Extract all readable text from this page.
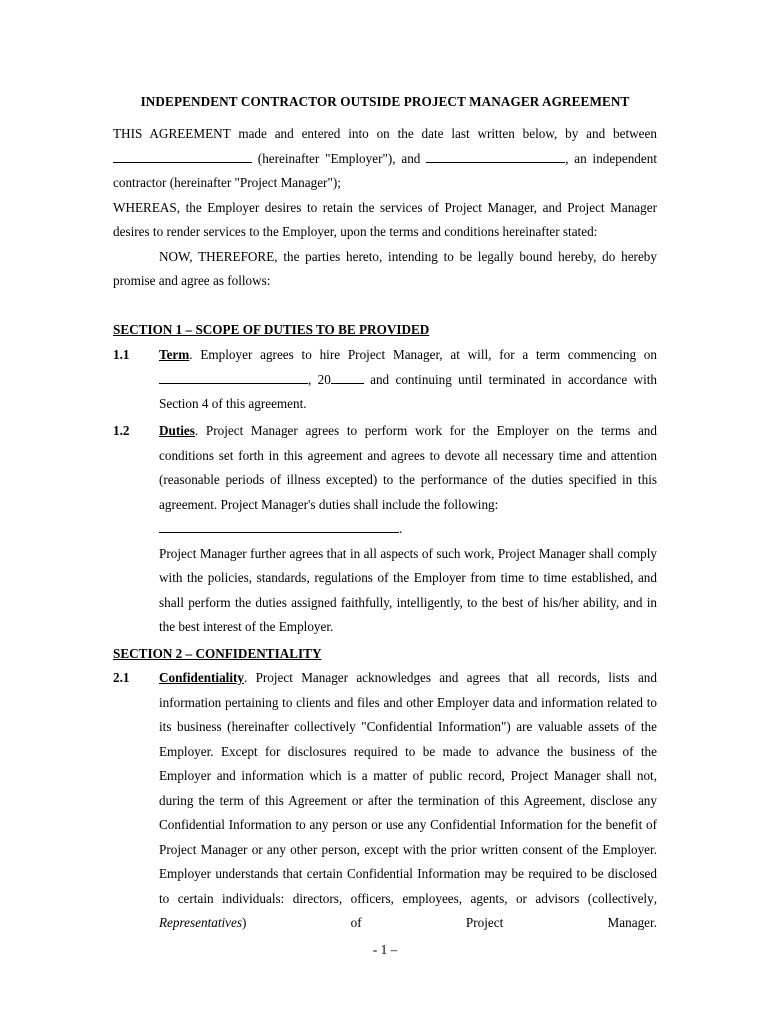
INDEPENDENT CONTRACTOR OUTSIDE PROJECT MANAGER AGREEMENT

THIS AGREEMENT made and entered into on the date last written below, by and between

(hereinafter "Employer"), and	, an independent

contractor (hereinafter "Project Manager");

WHEREAS, the Employer desires to retain the services of Project Manager, and Project Manager desires to render services to the Employer, upon the terms and conditions hereinafter stated:

NOW, THEREFORE, the parties hereto, intending to be legally bound hereby, do hereby promise and agree as follows:

SECTION 1 – SCOPE OF DUTIES TO BE PROVIDED
1.1 Term. Employer agrees to hire Project Manager, at will, for a term commencing on
, 20	and continuing until terminated in accordance with Section 4 of this agreement.
1.2 Duties. Project Manager agrees to perform work for the Employer on the terms and conditions set forth in this agreement and agrees to devote all necessary time and attention (reasonable periods of illness excepted) to the performance of the duties specified in this agreement. Project Manager's duties shall include the following:
.
Project Manager further agrees that in all aspects of such work, Project Manager shall comply with the policies, standards, regulations of the Employer from time to time established, and shall perform the duties assigned faithfully, intelligently, to the best of his/her ability, and in the best interest of the Employer.
SECTION 2 – CONFIDENTIALITY
2.1 Confidentiality. Project Manager acknowledges and agrees that all records, lists and information pertaining to clients and files and other Employer data and information related to its business (hereinafter collectively "Confidential Information") are valuable assets of the Employer. Except for disclosures required to be made to advance the business of the Employer and information which is a matter of public record, Project Manager shall not, during the term of this Agreement or after the termination of this Agreement, disclose any Confidential Information to any person or use any Confidential Information for the benefit of Project Manager or any other person, except with the prior written consent of the Employer. Employer understands that certain Confidential Information may be required to be disclosed to certain individuals: directors, officers, employees, agents, or advisors (collectively, Representatives) of Project Manager.
- 1 –
